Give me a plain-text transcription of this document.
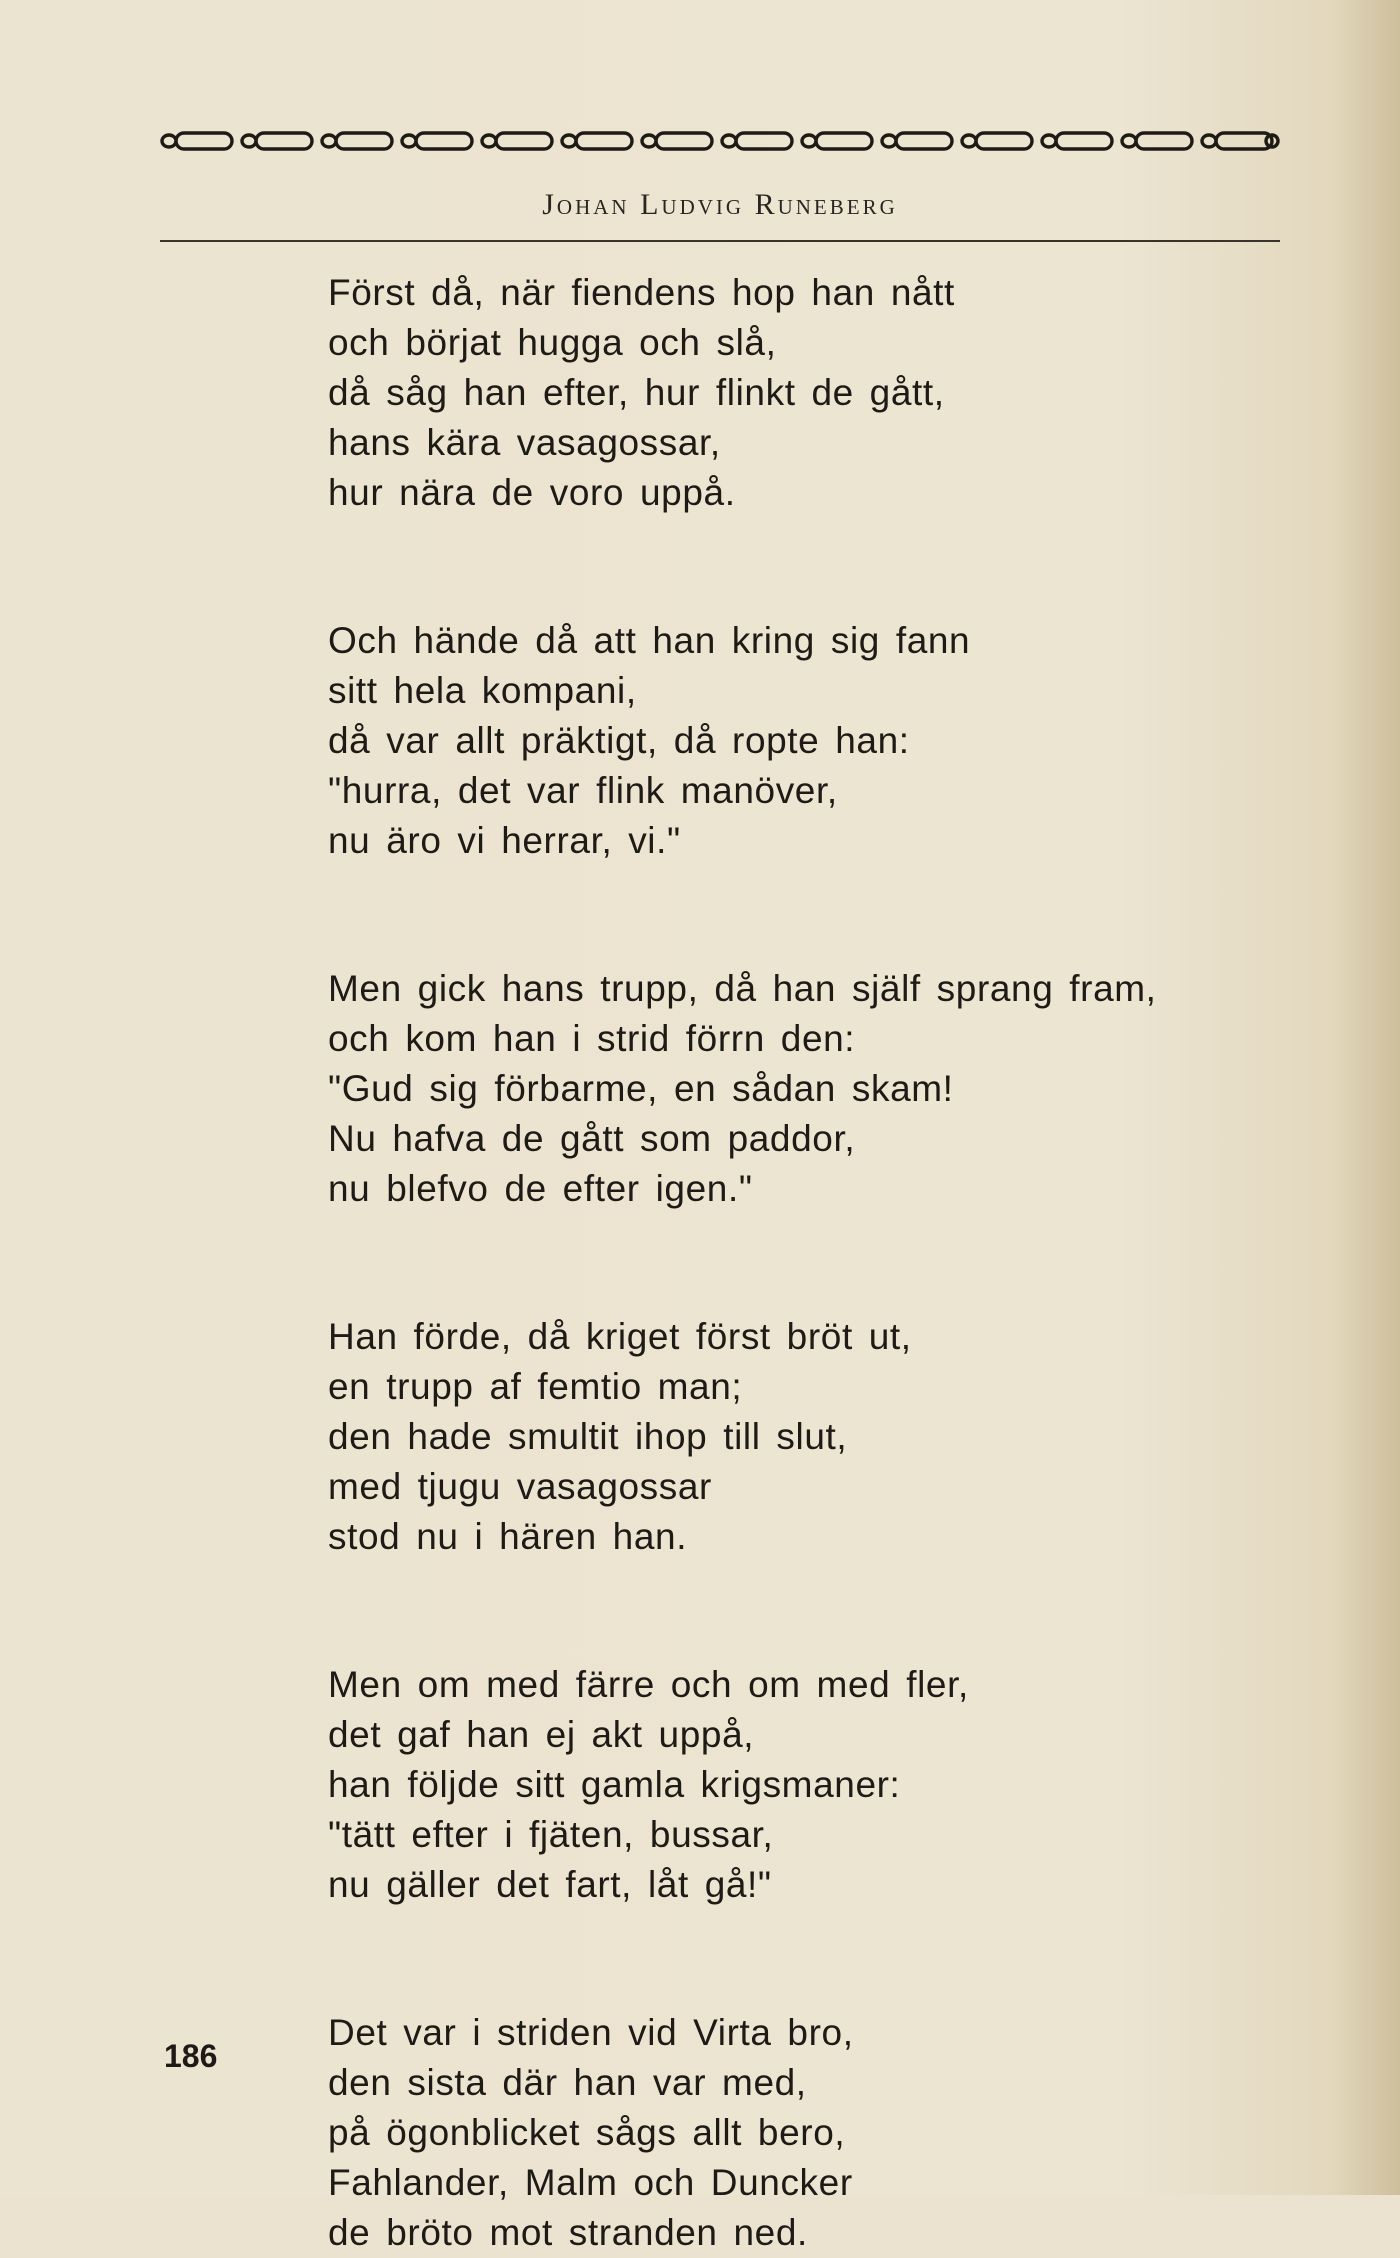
Johan Ludvig Runeberg
Först då, när fiendens hop han nått
och börjat hugga och slå,
då såg han efter, hur flinkt de gått,
hans kära vasagossar,
hur nära de voro uppå.
Och hände då att han kring sig fann
sitt hela kompani,
då var allt präktigt, då ropte han:
"hurra, det var flink manöver,
nu äro vi herrar, vi."
Men gick hans trupp, då han själf sprang fram,
och kom han i strid förrn den:
"Gud sig förbarme, en sådan skam!
Nu hafva de gått som paddor,
nu blefvo de efter igen."
Han förde, då kriget först bröt ut,
en trupp af femtio man;
den hade smultit ihop till slut,
med tjugu vasagossar
stod nu i hären han.
Men om med färre och om med fler,
det gaf han ej akt uppå,
han följde sitt gamla krigsmaner:
"tätt efter i fjäten, bussar,
nu gäller det fart, låt gå!"
Det var i striden vid Virta bro,
den sista där han var med,
på ögonblicket sågs allt bero,
Fahlander, Malm och Duncker
de bröto mot stranden ned.
186
